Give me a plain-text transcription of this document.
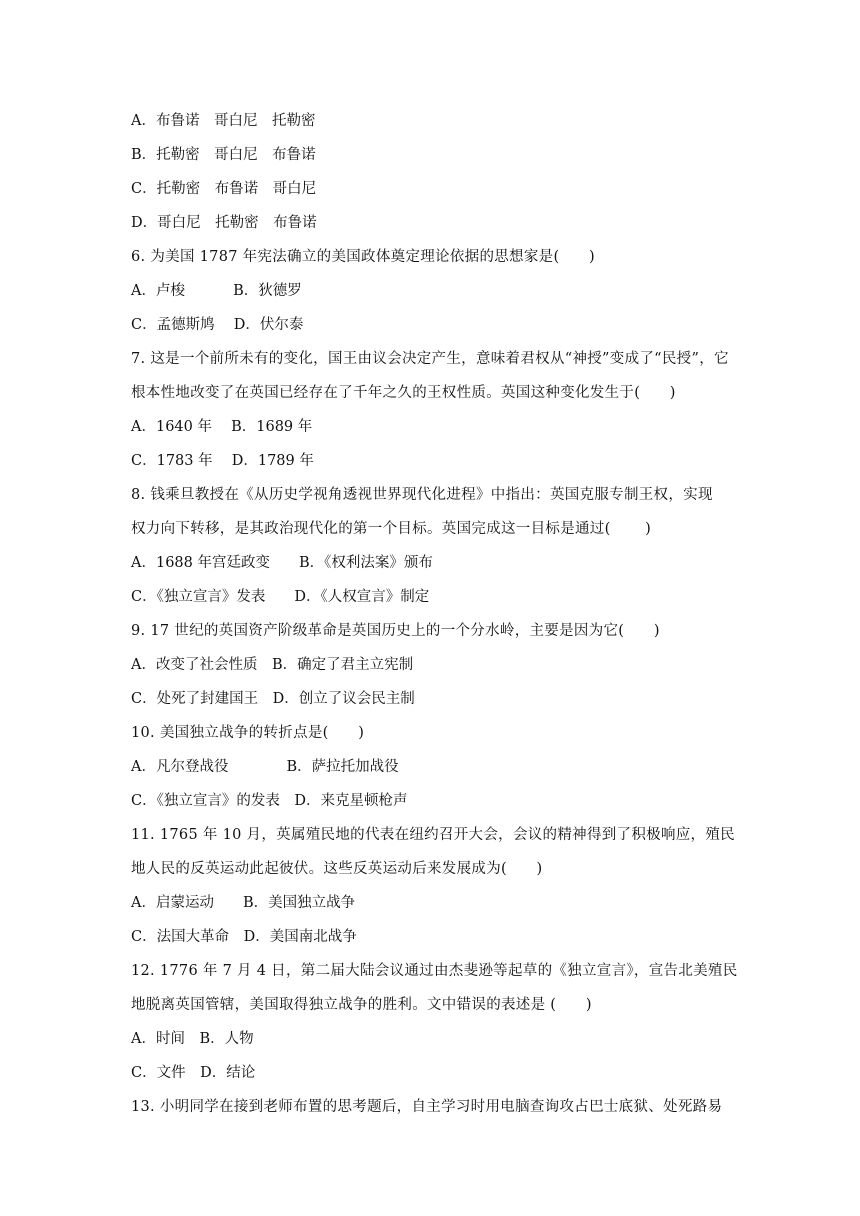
A．布鲁诺　哥白尼　托勒密
B．托勒密　哥白尼　布鲁诺
C．托勒密　布鲁诺　哥白尼
D．哥白尼　托勒密　布鲁诺
6. 为美国 1787 年宪法确立的美国政体奠定理论依据的思想家是(　　)
A．卢梭　　　 B．狄德罗
C．孟德斯鸠　 D．伏尔泰
7. 这是一个前所未有的变化，国王由议会决定产生，意味着君权从“神授”变成了“民授”，它
根本性地改变了在英国已经存在了千年之久的王权性质。英国这种变化发生于(　　)
A．1640 年　 B．1689 年
C．1783 年　 D．1789 年
8. 钱乘旦教授在《从历史学视角透视世界现代化进程》中指出：英国克服专制王权，实现
权力向下转移，是其政治现代化的第一个目标。英国完成这一目标是通过(　　 )
A．1688 年宫廷政变　　B．《权利法案》颁布
C．《独立宣言》发表　　D．《人权宣言》制定
9. 17 世纪的英国资产阶级革命是英国历史上的一个分水岭，主要是因为它(　　)
A．改变了社会性质　B．确定了君主立宪制
C．处死了封建国王　D．创立了议会民主制
10. 美国独立战争的转折点是(　　)
A．凡尔登战役　　　　B．萨拉托加战役
C．《独立宣言》的发表　D．来克星顿枪声
11. 1765 年 10 月，英属殖民地的代表在纽约召开大会，会议的精神得到了积极响应，殖民
地人民的反英运动此起彼伏。这些反英运动后来发展成为(　　)
A．启蒙运动　　B．美国独立战争
C．法国大革命　D．美国南北战争
12. 1776 年 7 月 4 日，第二届大陆会议通过由杰斐逊等起草的《独立宣言》，宣告北美殖民
地脱离英国管辖，美国取得独立战争的胜利。文中错误的表述是 (　　)
A．时间　B．人物
C．文件　D．结论
13. 小明同学在接到老师布置的思考题后，自主学习时用电脑查询攻占巴士底狱、处死路易
